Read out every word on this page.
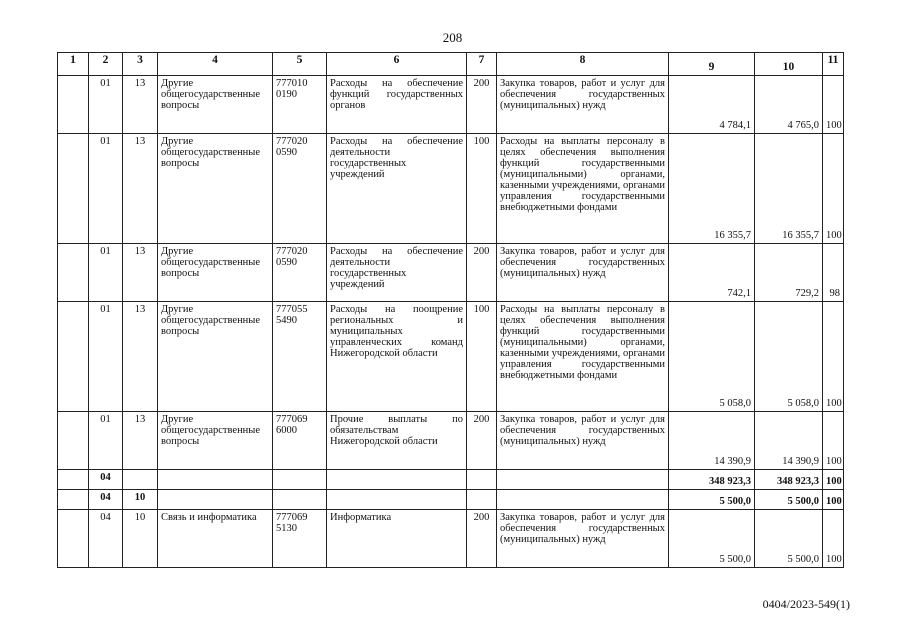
208
1	2	3	4	5	6	7	8	9	10	11
	01	13	Другие общегосударственные вопросы	777010 0190	Расходы на обеспечение функций государственных органов	200	Закупка товаров, работ и услуг для обеспечения государственных (муниципальных) нужд	4 784,1	4 765,0	100
	01	13	Другие общегосударственные вопросы	777020 0590	Расходы на обеспечение деятельности государственных учреждений	100	Расходы на выплаты персоналу в целях обеспечения выполнения функций государственными (муниципальными) органами, казенными учреждениями, органами управления государственными внебюджетными фондами	16 355,7	16 355,7	100
	01	13	Другие общегосударственные вопросы	777020 0590	Расходы на обеспечение деятельности государственных учреждений	200	Закупка товаров, работ и услуг для обеспечения государственных (муниципальных) нужд	742,1	729,2	98
	01	13	Другие общегосударственные вопросы	777055 5490	Расходы на поощрение региональных и муниципальных управленческих команд Нижегородской области	100	Расходы на выплаты персоналу в целях обеспечения выполнения функций государственными (муниципальными) органами, казенными учреждениями, органами управления государственными внебюджетными фондами	5 058,0	5 058,0	100
	01	13	Другие общегосударственные вопросы	777069 6000	Прочие выплаты по обязательствам Нижегородской области	200	Закупка товаров, работ и услуг для обеспечения государственных (муниципальных) нужд	14 390,9	14 390,9	100
	04							348 923,3	348 923,3	100
	04	10						5 500,0	5 500,0	100
	04	10	Связь и информатика	777069 5130	Информатика	200	Закупка товаров, работ и услуг для обеспечения государственных (муниципальных) нужд	5 500,0	5 500,0	100
0404/2023-549(1)
